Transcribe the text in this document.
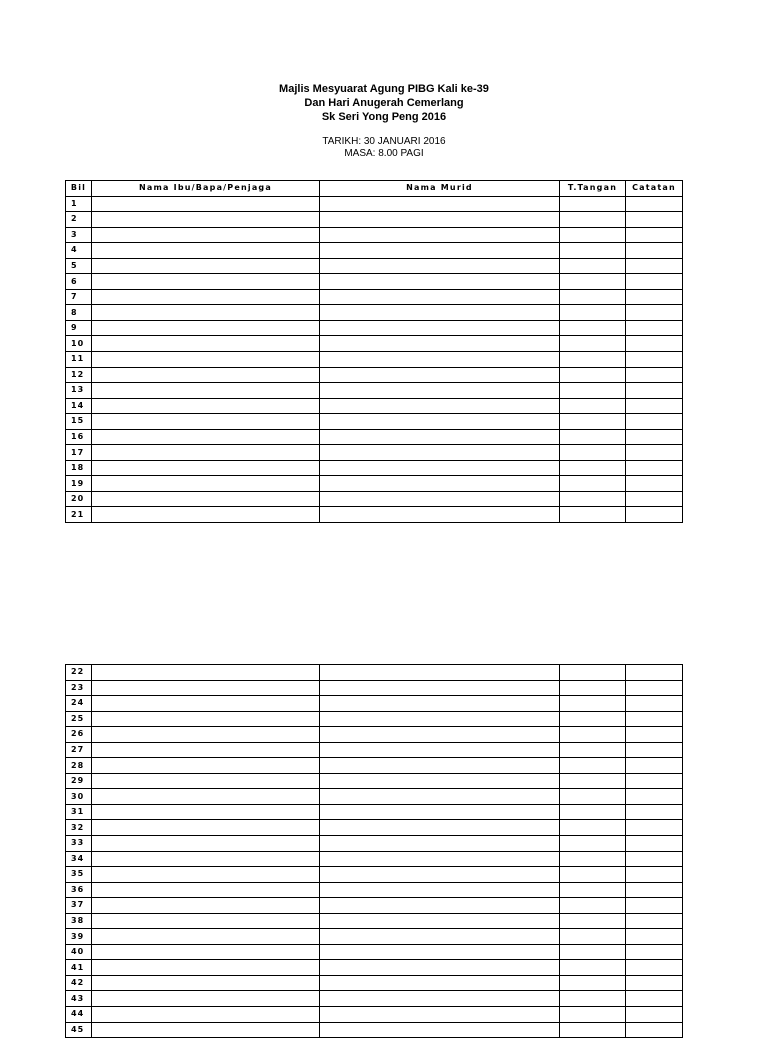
Majlis Mesyuarat Agung PIBG Kali ke-39
Dan Hari Anugerah Cemerlang
Sk Seri Yong Peng 2016
TARIKH: 30 JANUARI 2016
MASA: 8.00 PAGI
Bil	Nama Ibu/Bapa/Penjaga	Nama Murid	T.Tangan	Catatan
1				
2				
3				
4				
5				
6				
7				
8				
9				
10				
11				
12				
13				
14				
15				
16				
17				
18				
19				
20				
21				
22				
23				
24				
25				
26				
27				
28				
29				
30				
31				
32				
33				
34				
35				
36				
37				
38				
39				
40				
41				
42				
43				
44				
45				
